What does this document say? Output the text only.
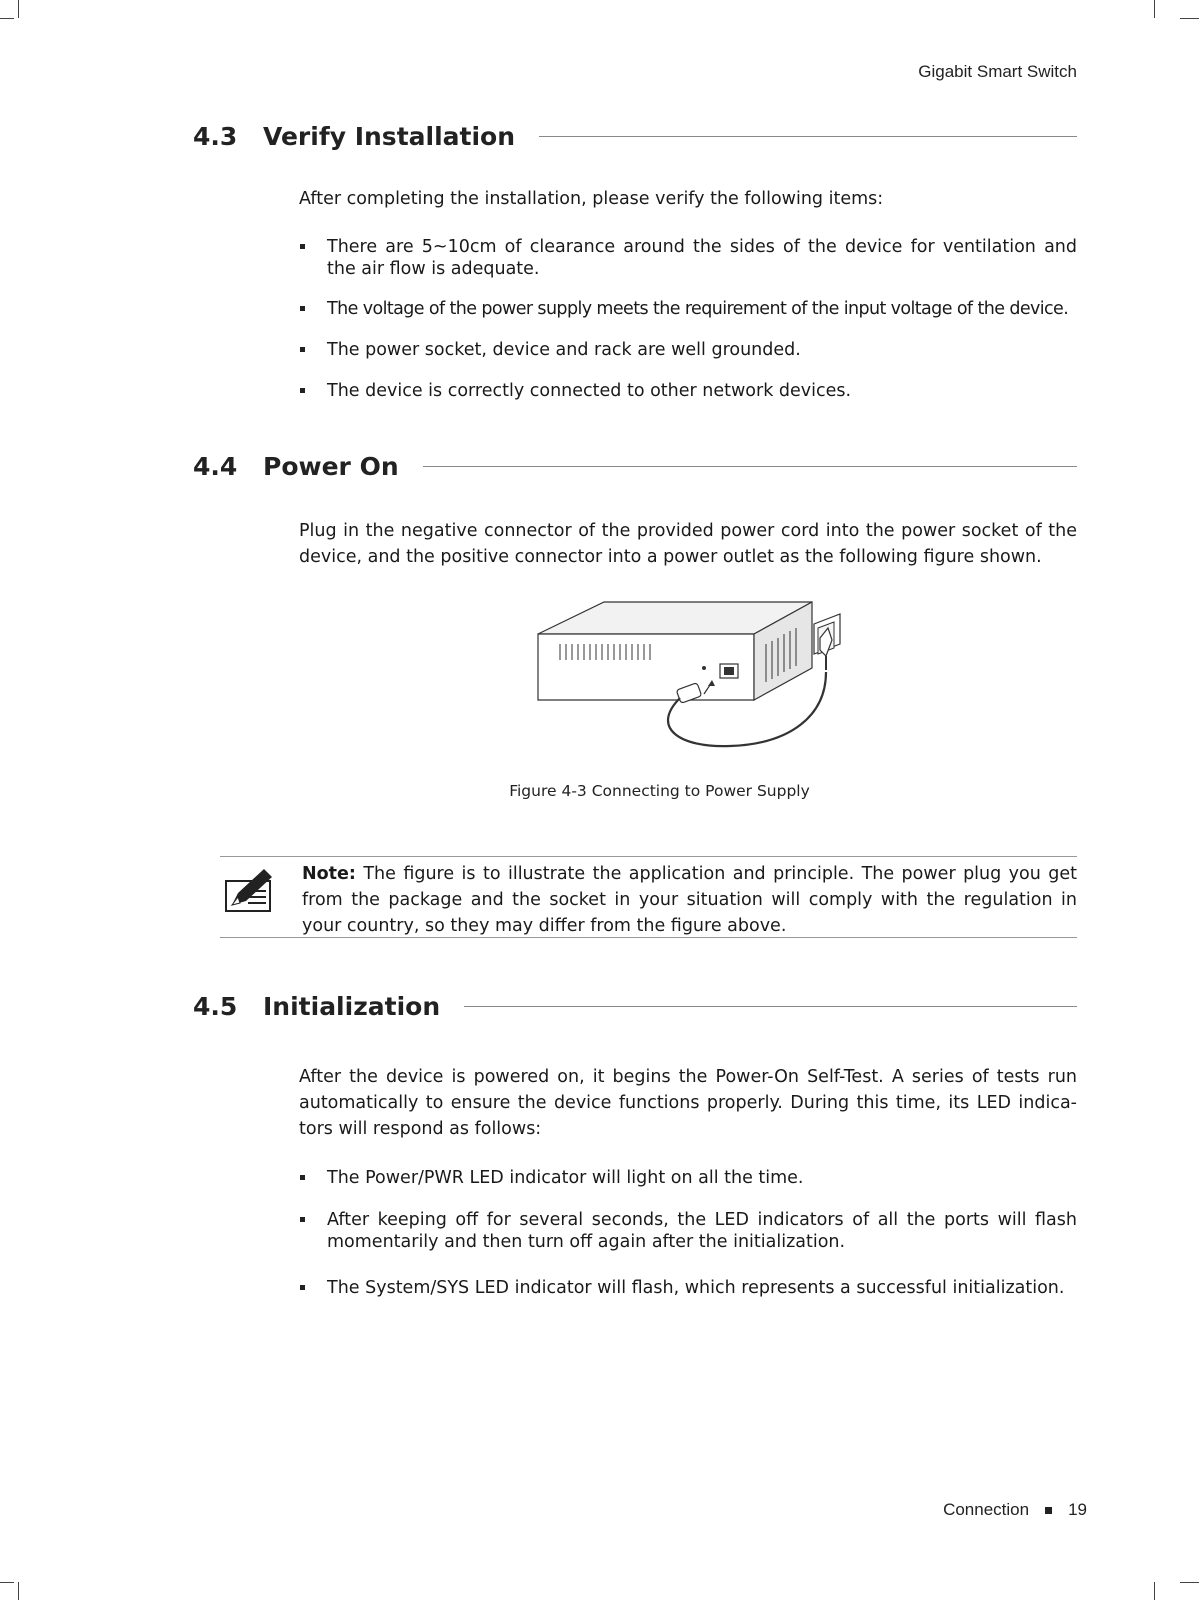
Gigabit Smart Switch
4.3	Verify Installation

After completing the installation, please verify the following items:

There are 5~10cm of clearance around the sides of the device for ventilation and the air flow is adequate.
The voltage of the power supply meets the requirement of the input voltage of the device.
The power socket, device and rack are well grounded.
The device is correctly connected to other network devices.
4.4	Power On

Plug in the negative connector of the provided power cord into the power socket of the device, and the positive connector into a power outlet as the following figure shown.

Figure 4-3 Connecting to Power Supply
Note: The figure is to illustrate the application and principle. The power plug you get from the package and the socket in your situation will comply with the regulation in your country, so they may differ from the figure above.
4.5	Initialization

After the device is powered on, it begins the Power-On Self-Test. A series of tests run automatically to ensure the device functions properly. During this time, its LED indica-tors will respond as follows:

The Power/PWR LED indicator will light on all the time.
After keeping off for several seconds, the LED indicators of all the ports will flash momentarily and then turn off again after the initialization.
The System/SYS LED indicator will flash, which represents a successful initialization.
Connection 19
